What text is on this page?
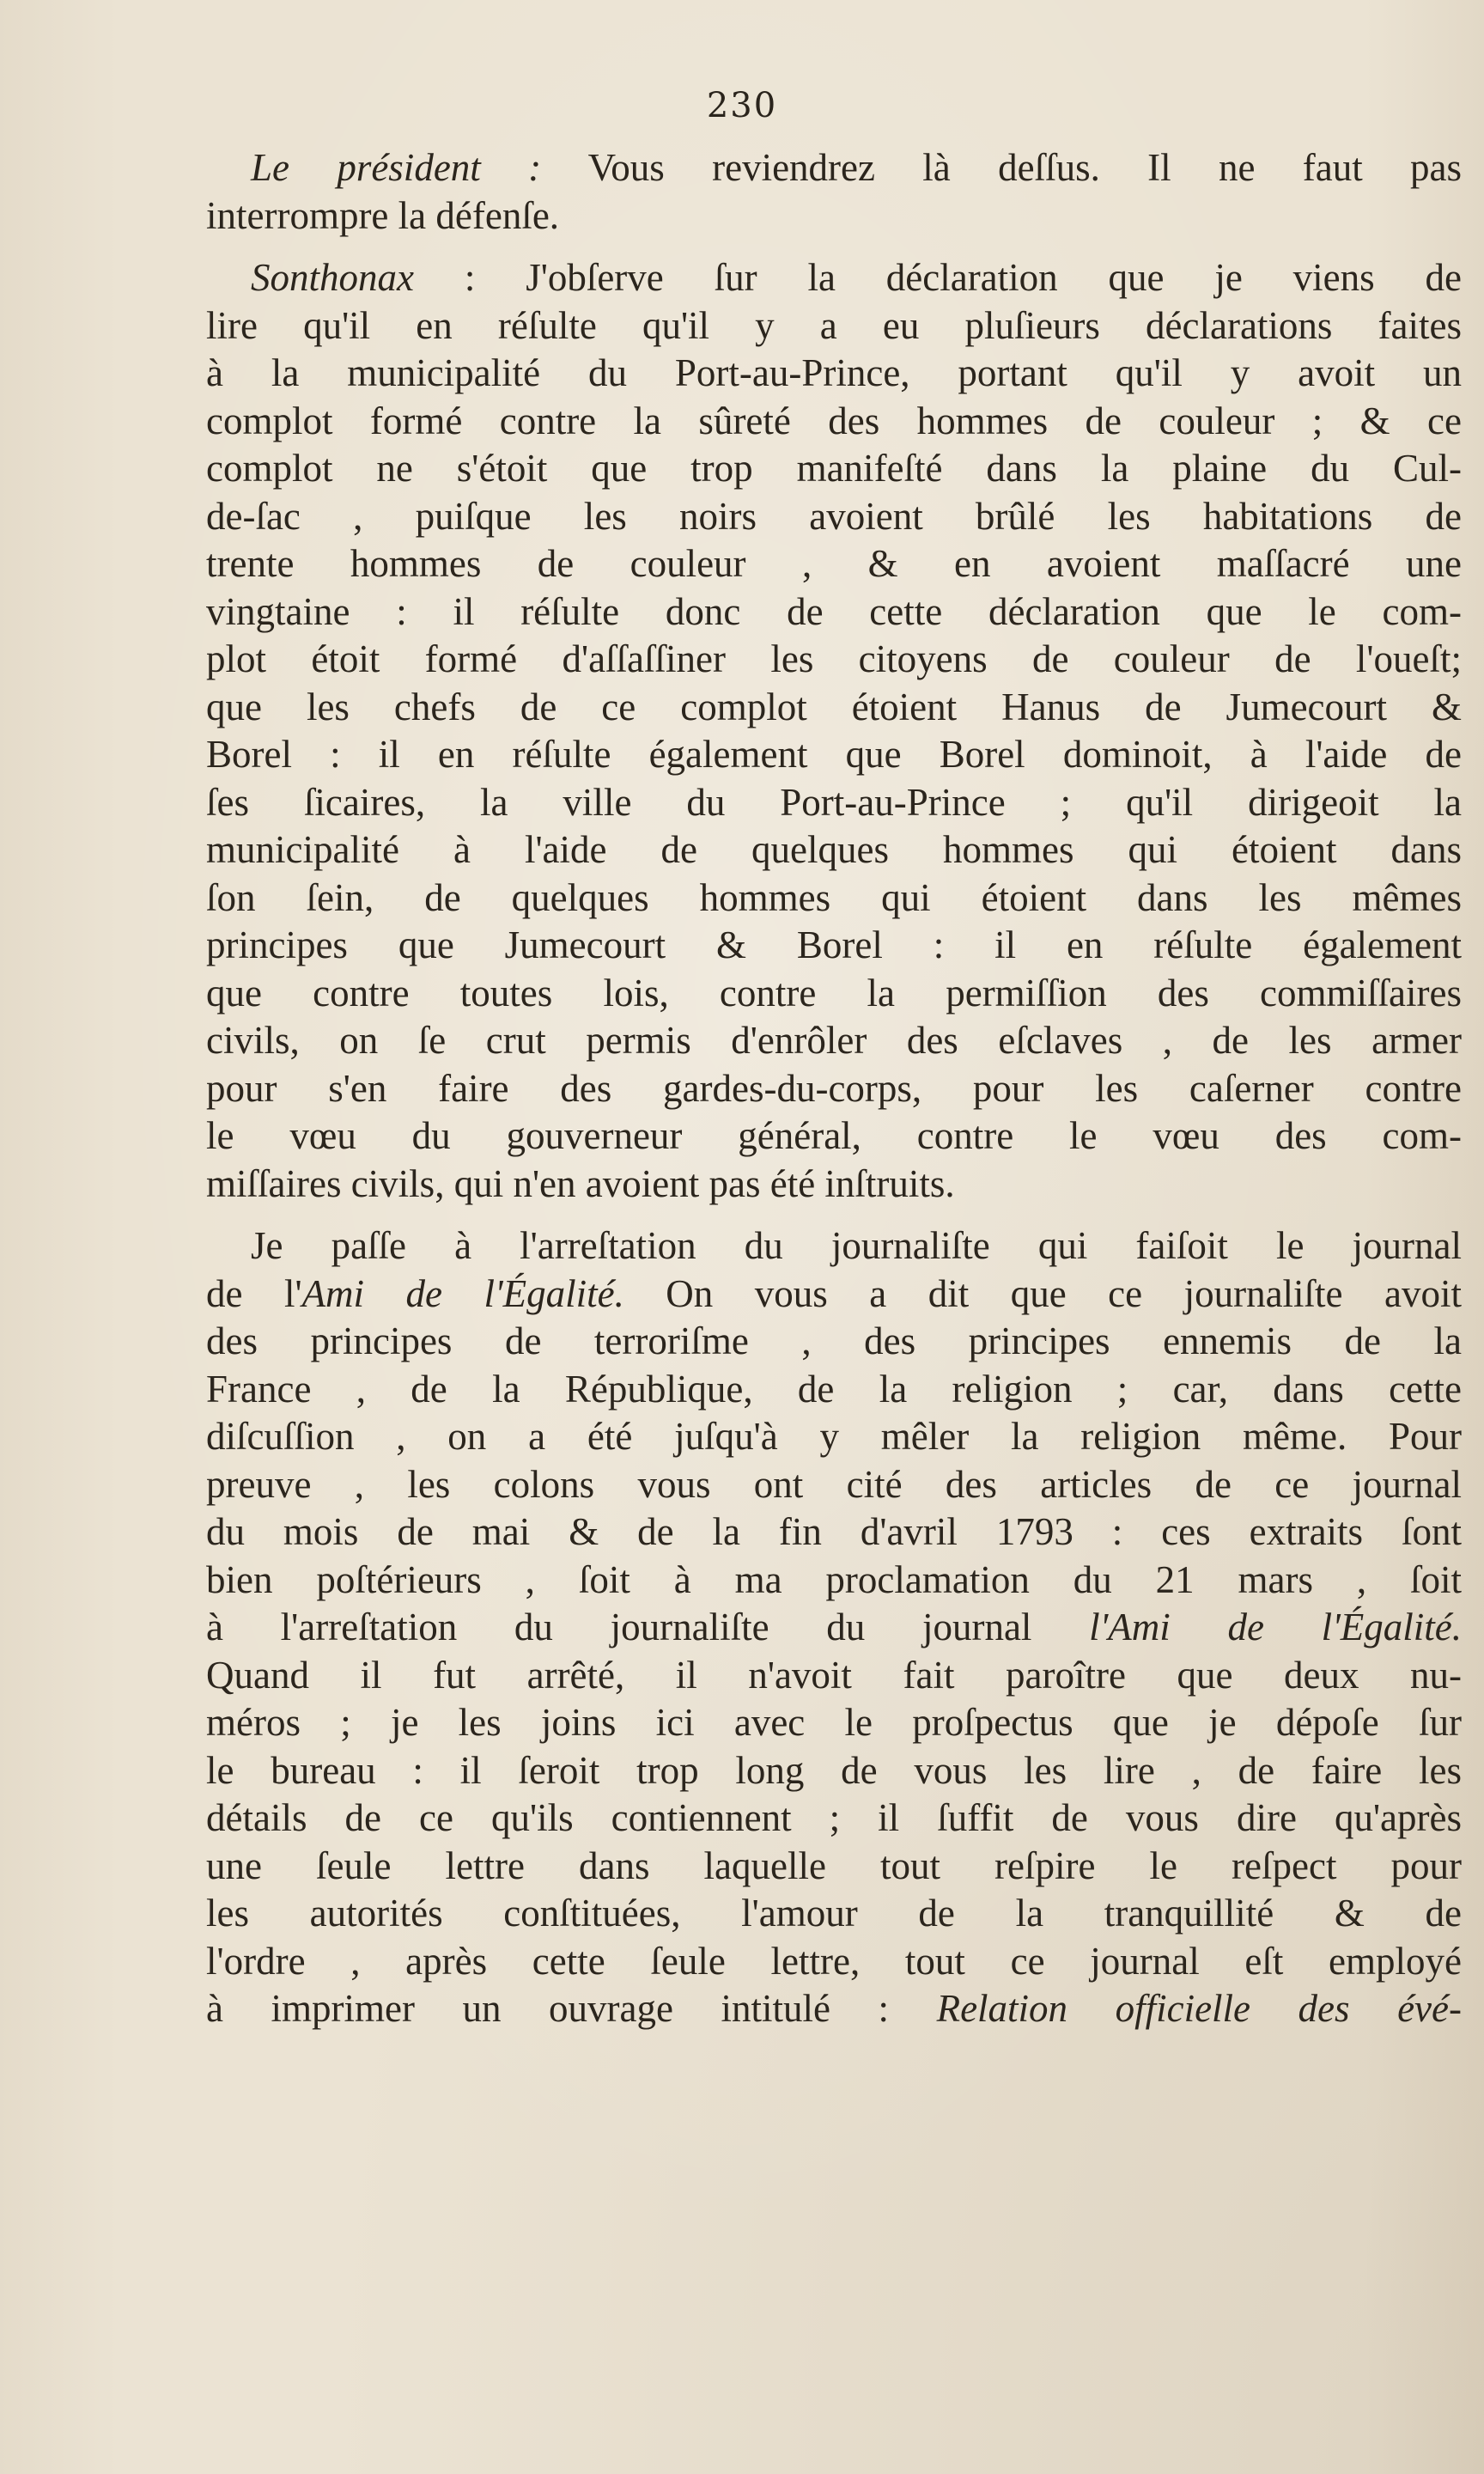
230
Le président : Vous reviendrez là deſſus. Il ne faut pas
interrompre la défenſe.
Sonthonax : J'obſerve ſur la déclaration que je viens de
lire qu'il en réſulte qu'il y a eu pluſieurs déclarations faites
à la municipalité du Port-au-Prince, portant qu'il y avoit un
complot formé contre la sûreté des hommes de couleur ; & ce
complot ne s'étoit que trop manifeſté dans la plaine du Cul-
de-ſac , puiſque les noirs avoient brûlé les habitations de
trente hommes de couleur , & en avoient maſſacré une
vingtaine : il réſulte donc de cette déclaration que le com-
plot étoit formé d'aſſaſſiner les citoyens de couleur de l'oueſt;
que les chefs de ce complot étoient Hanus de Jumecourt &
Borel : il en réſulte également que Borel dominoit, à l'aide de
ſes ſicaires, la ville du Port-au-Prince ; qu'il dirigeoit la
municipalité à l'aide de quelques hommes qui étoient dans
ſon ſein, de quelques hommes qui étoient dans les mêmes
principes que Jumecourt & Borel : il en réſulte également
que contre toutes lois, contre la permiſſion des commiſſaires
civils, on ſe crut permis d'enrôler des eſclaves , de les armer
pour s'en faire des gardes-du-corps, pour les caſerner contre
le vœu du gouverneur général, contre le vœu des com-
miſſaires civils, qui n'en avoient pas été inſtruits.
Je paſſe à l'arreſtation du journaliſte qui faiſoit le journal
de l'Ami de l'Égalité. On vous a dit que ce journaliſte avoit
des principes de terroriſme , des principes ennemis de la
France , de la République, de la religion ; car, dans cette
diſcuſſion , on a été juſqu'à y mêler la religion même. Pour
preuve , les colons vous ont cité des articles de ce journal
du mois de mai & de la fin d'avril 1793 : ces extraits ſont
bien poſtérieurs , ſoit à ma proclamation du 21 mars , ſoit
à l'arreſtation du journaliſte du journal l'Ami de l'Égalité.
Quand il fut arrêté, il n'avoit fait paroître que deux nu-
méros ; je les joins ici avec le proſpectus que je dépoſe ſur
le bureau : il ſeroit trop long de vous les lire , de faire les
détails de ce qu'ils contiennent ; il ſuffit de vous dire qu'après
une ſeule lettre dans laquelle tout reſpire le reſpect pour
les autorités conſtituées, l'amour de la tranquillité & de
l'ordre , après cette ſeule lettre, tout ce journal eſt employé
à imprimer un ouvrage intitulé : Relation officielle des évé-
